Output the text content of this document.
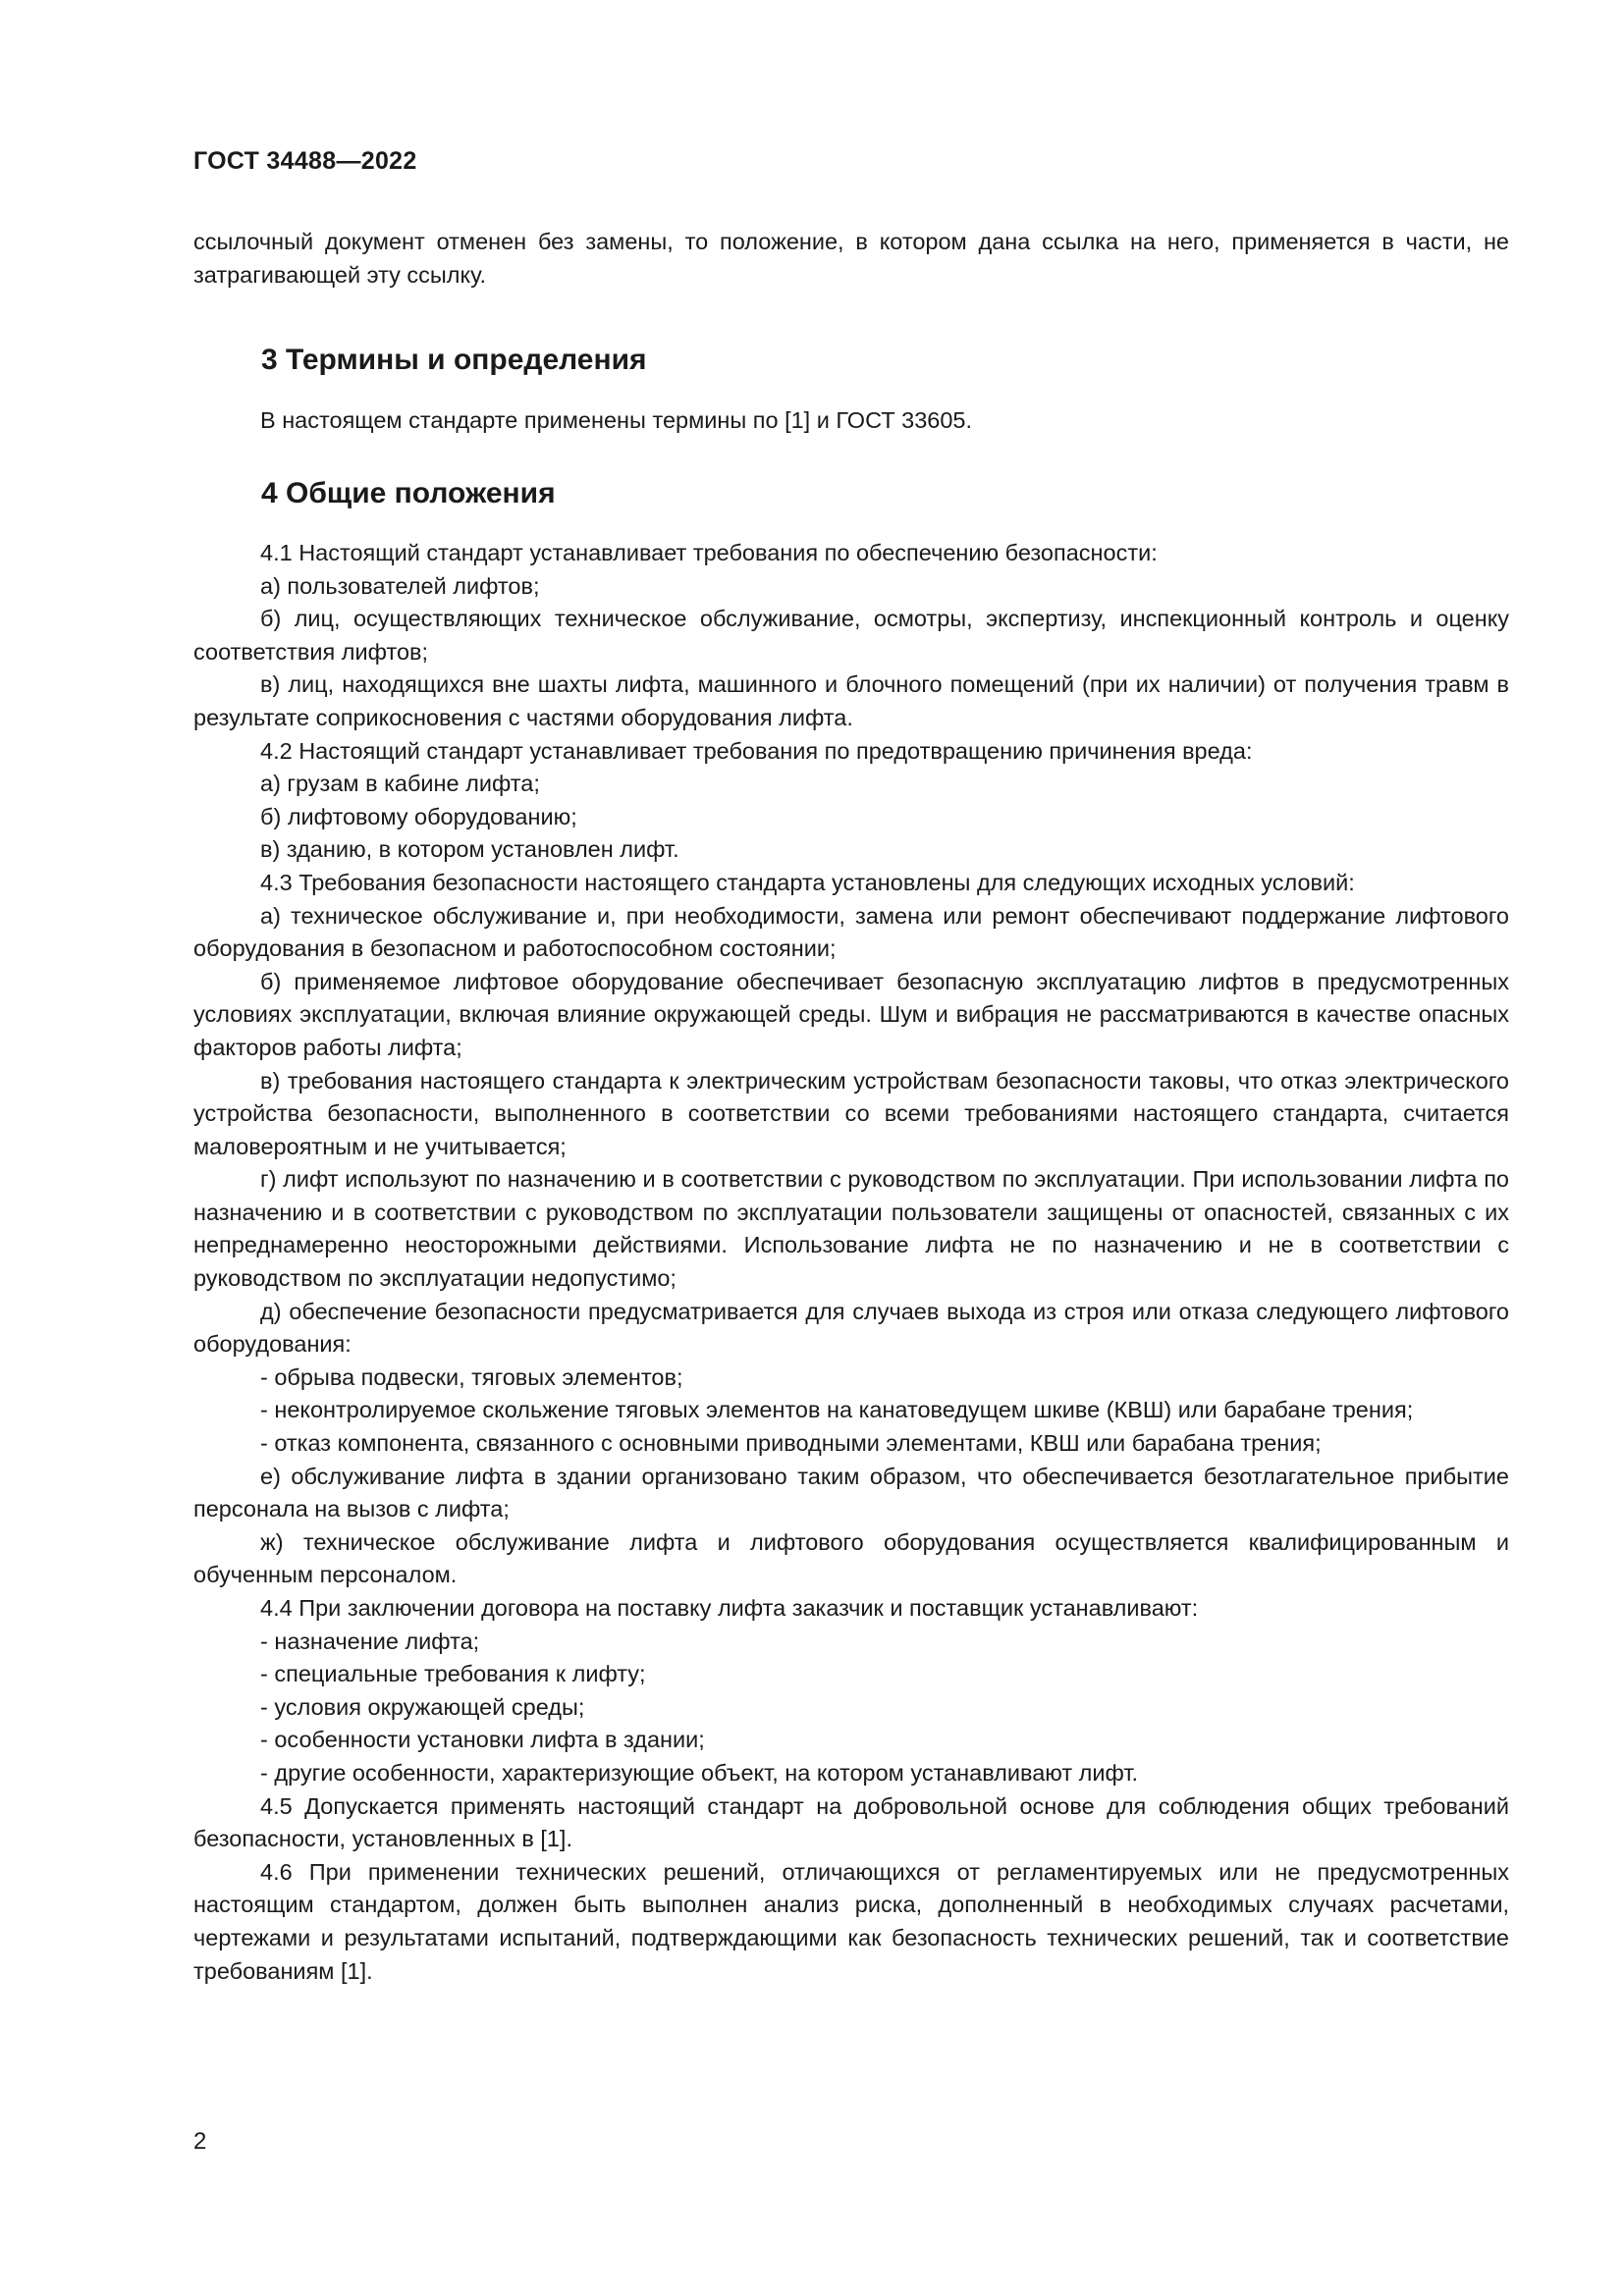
ГОСТ 34488—2022

ссылочный документ отменен без замены, то положение, в котором дана ссылка на него, применяется в части, не затрагивающей эту ссылку.

3 Термины и определения

В настоящем стандарте применены термины по [1] и ГОСТ 33605.

4 Общие положения

4.1 Настоящий стандарт устанавливает требования по обеспечению безопасности:

а) пользователей лифтов;

б) лиц, осуществляющих техническое обслуживание, осмотры, экспертизу, инспекционный контроль и оценку соответствия лифтов;

в) лиц, находящихся вне шахты лифта, машинного и блочного помещений (при их наличии) от получения травм в результате соприкосновения с частями оборудования лифта.

4.2 Настоящий стандарт устанавливает требования по предотвращению причинения вреда:

а) грузам в кабине лифта;

б) лифтовому оборудованию;

в) зданию, в котором установлен лифт.

4.3 Требования безопасности настоящего стандарта установлены для следующих исходных условий:

а) техническое обслуживание и, при необходимости, замена или ремонт обеспечивают поддержание лифтового оборудования в безопасном и работоспособном состоянии;

б) применяемое лифтовое оборудование обеспечивает безопасную эксплуатацию лифтов в предусмотренных условиях эксплуатации, включая влияние окружающей среды. Шум и вибрация не рассматриваются в качестве опасных факторов работы лифта;

в) требования настоящего стандарта к электрическим устройствам безопасности таковы, что отказ электрического устройства безопасности, выполненного в соответствии со всеми требованиями настоящего стандарта, считается маловероятным и не учитывается;

г) лифт используют по назначению и в соответствии с руководством по эксплуатации. При использовании лифта по назначению и в соответствии с руководством по эксплуатации пользователи защищены от опасностей, связанных с их непреднамеренно неосторожными действиями. Использование лифта не по назначению и не в соответствии с руководством по эксплуатации недопустимо;

д) обеспечение безопасности предусматривается для случаев выхода из строя или отказа следующего лифтового оборудования:

- обрыва подвески, тяговых элементов;

- неконтролируемое скольжение тяговых элементов на канатоведущем шкиве (КВШ) или барабане трения;

- отказ компонента, связанного с основными приводными элементами, КВШ или барабана трения;

е) обслуживание лифта в здании организовано таким образом, что обеспечивается безотлагательное прибытие персонала на вызов с лифта;

ж) техническое обслуживание лифта и лифтового оборудования осуществляется квалифицированным и обученным персоналом.

4.4 При заключении договора на поставку лифта заказчик и поставщик устанавливают:

- назначение лифта;

- специальные требования к лифту;

- условия окружающей среды;

- особенности установки лифта в здании;

- другие особенности, характеризующие объект, на котором устанавливают лифт.

4.5 Допускается применять настоящий стандарт на добровольной основе для соблюдения общих требований безопасности, установленных в [1].

4.6 При применении технических решений, отличающихся от регламентируемых или не предусмотренных настоящим стандартом, должен быть выполнен анализ риска, дополненный в необходимых случаях расчетами, чертежами и результатами испытаний, подтверждающими как безопасность технических решений, так и соответствие требованиям [1].

2
